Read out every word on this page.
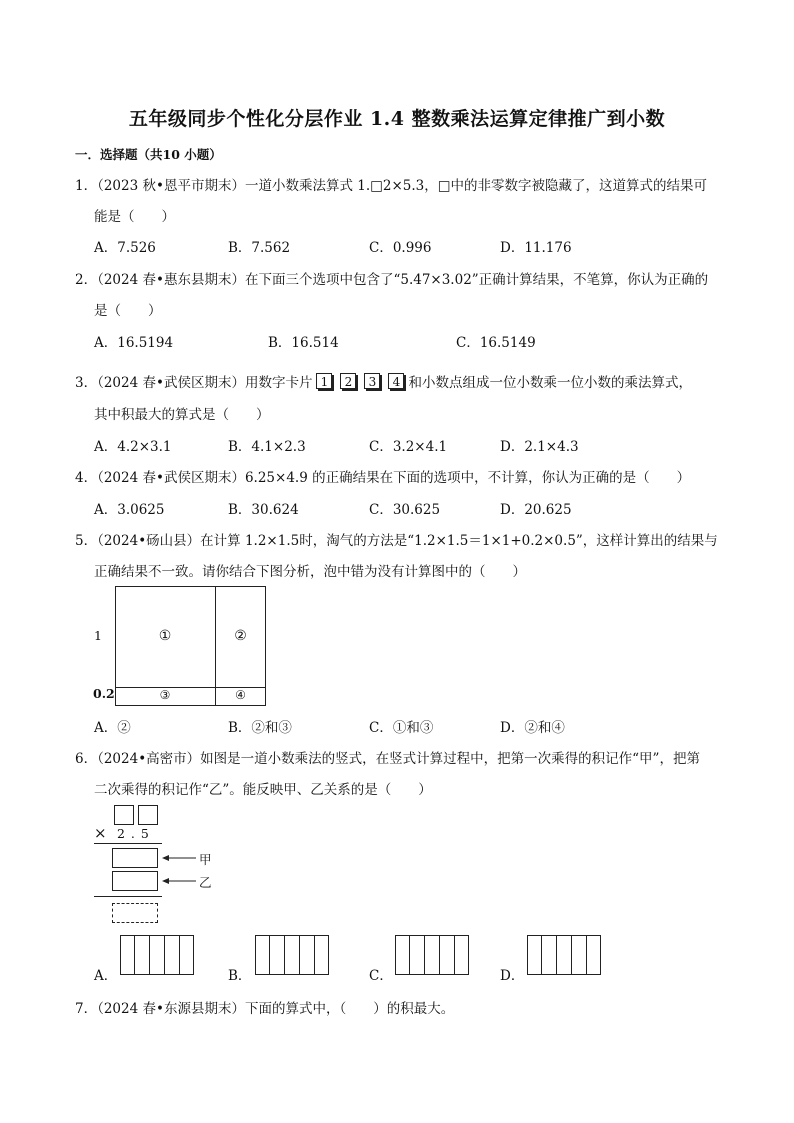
五年级同步个性化分层作业 1.4 整数乘法运算定律推广到小数
一．选择题（共10 小题）
1．（2023 秋•恩平市期末）一道小数乘法算式 1.□2×5.3，□中的非零数字被隐藏了，这道算式的结果可
能是（　　）
A．7.526	B．7.562	C．0.996	D．11.176
2．（2024 春•惠东县期末）在下面三个选项中包含了“5.47×3.02”正确计算结果，不笔算，你认为正确的
是（　　）
A．16.5194	B．16.514	C．16.5149
3．（2024 春•武侯区期末）用数字卡片 1 2 3 4 和小数点组成一位小数乘一位小数的乘法算式，
其中积最大的算式是（　　）
A．4.2×3.1	B．4.1×2.3	C．3.2×4.1	D．2.1×4.3
4．（2024 春•武侯区期末）6.25×4.9 的正确结果在下面的选项中，不计算，你认为正确的是（　　）
A．3.0625	B．30.624	C．30.625	D．20.625
5．（2024•砀山县）在计算 1.2×1.5时，淘气的方法是“1.2×1.5＝1×1+0.2×0.5”，这样计算出的结果与
正确结果不一致。请你结合下图分析，泡中错为没有计算图中的（　　）
①	②
③	④
1
0.2
A．②	B．②和③	C．①和③	D．②和④
6．（2024•高密市）如图是一道小数乘法的竖式，在竖式计算过程中，把第一次乘得的积记作“甲”，把第
二次乘得的积记作“乙”。能反映甲、乙关系的是（　　）
× 2 . 5
甲
乙
A．	B．	C．	D．
7．（2024 春•东源县期末）下面的算式中，（　　）的积最大。
